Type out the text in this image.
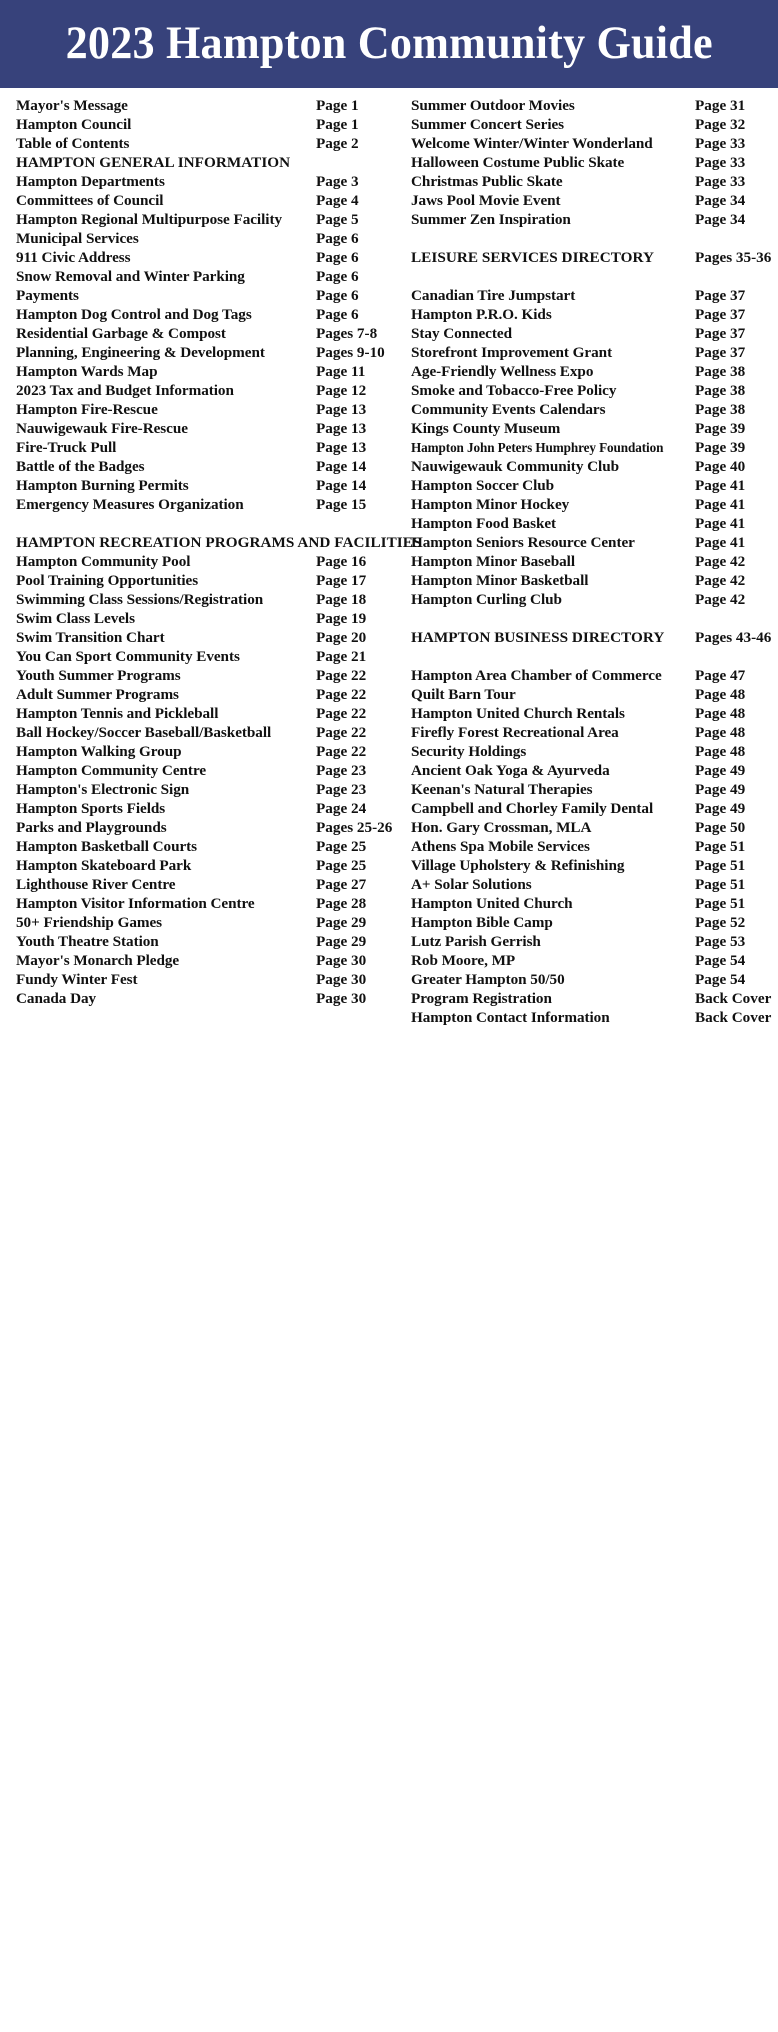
2023 Hampton Community Guide
Mayor's Message	Page 1
Hampton Council	Page 1
Table of Contents	Page 2
HAMPTON GENERAL INFORMATION
Hampton Departments	Page 3
Committees of Council	Page 4
Hampton Regional Multipurpose Facility Page 5
Municipal Services	Page 6
911 Civic Address	Page 6
Snow Removal and Winter Parking	Page 6
Payments	Page 6
Hampton Dog Control and Dog Tags	Page 6
Residential Garbage & Compost	Pages 7-8
Planning, Engineering & Development	Pages 9-10
Hampton Wards Map	Page 11
2023 Tax and Budget Information	Page 12
Hampton Fire-Rescue	Page 13
Nauwigewauk Fire-Rescue	Page 13
Fire-Truck Pull	Page 13
Battle of the Badges	Page 14
Hampton Burning Permits	Page 14
Emergency Measures Organization	Page 15
HAMPTON RECREATION PROGRAMS AND FACILITIES
Hampton Community Pool	Page 16
Pool Training Opportunities	Page 17
Swimming Class Sessions/Registration	Page 18
Swim Class Levels	Page 19
Swim Transition Chart	Page 20
You Can Sport Community Events	Page 21
Youth Summer Programs	Page 22
Adult Summer Programs	Page 22
Hampton Tennis and Pickleball	Page 22
Ball Hockey/Soccer Baseball/Basketball	Page 22
Hampton Walking Group	Page 22
Hampton Community Centre	Page 23
Hampton's Electronic Sign	Page 23
Hampton Sports Fields	Page 24
Parks and Playgrounds	Pages 25-26
Hampton Basketball Courts	Page 25
Hampton Skateboard Park	Page 25
Lighthouse River Centre	Page 27
Hampton Visitor Information Centre	Page 28
50+ Friendship Games	Page 29
Youth Theatre Station	Page 29
Mayor's Monarch Pledge	Page 30
Fundy Winter Fest	Page 30
Canada Day	Page 30
Summer Outdoor Movies	Page 31
Summer Concert Series	Page 32
Welcome Winter/Winter Wonderland	Page 33
Halloween Costume Public Skate	Page 33
Christmas Public Skate	Page 33
Jaws Pool Movie Event	Page 34
Summer Zen Inspiration	Page 34
LEISURE SERVICES DIRECTORY	Pages 35-36
Canadian Tire Jumpstart	Page 37
Hampton P.R.O. Kids	Page 37
Stay Connected	Page 37
Storefront Improvement Grant	Page 37
Age-Friendly Wellness Expo	Page 38
Smoke and Tobacco-Free Policy	Page 38
Community Events Calendars	Page 38
Kings County Museum	Page 39
Hampton John Peters Humphrey Foundation Page 39
Nauwigewauk Community Club	Page 40
Hampton Soccer Club	Page 41
Hampton Minor Hockey	Page 41
Hampton Food Basket	Page 41
Hampton Seniors Resource Center	Page 41
Hampton Minor Baseball	Page 42
Hampton Minor Basketball	Page 42
Hampton Curling Club	Page 42
HAMPTON BUSINESS DIRECTORY Pages 43-46
Hampton Area Chamber of Commerce Page 47
Quilt Barn Tour	Page 48
Hampton United Church Rentals	Page 48
Firefly Forest Recreational Area	Page 48
Security Holdings	Page 48
Ancient Oak Yoga & Ayurveda	Page 49
Keenan's Natural Therapies	Page 49
Campbell and Chorley Family Dental	Page 49
Hon. Gary Crossman, MLA	Page 50
Athens Spa Mobile Services	Page 51
Village Upholstery & Refinishing	Page 51
A+ Solar Solutions	Page 51
Hampton United Church	Page 51
Hampton Bible Camp	Page 52
Lutz Parish Gerrish	Page 53
Rob Moore, MP	Page 54
Greater Hampton 50/50	Page 54
Program Registration	Back Cover
Hampton Contact Information	Back Cover
